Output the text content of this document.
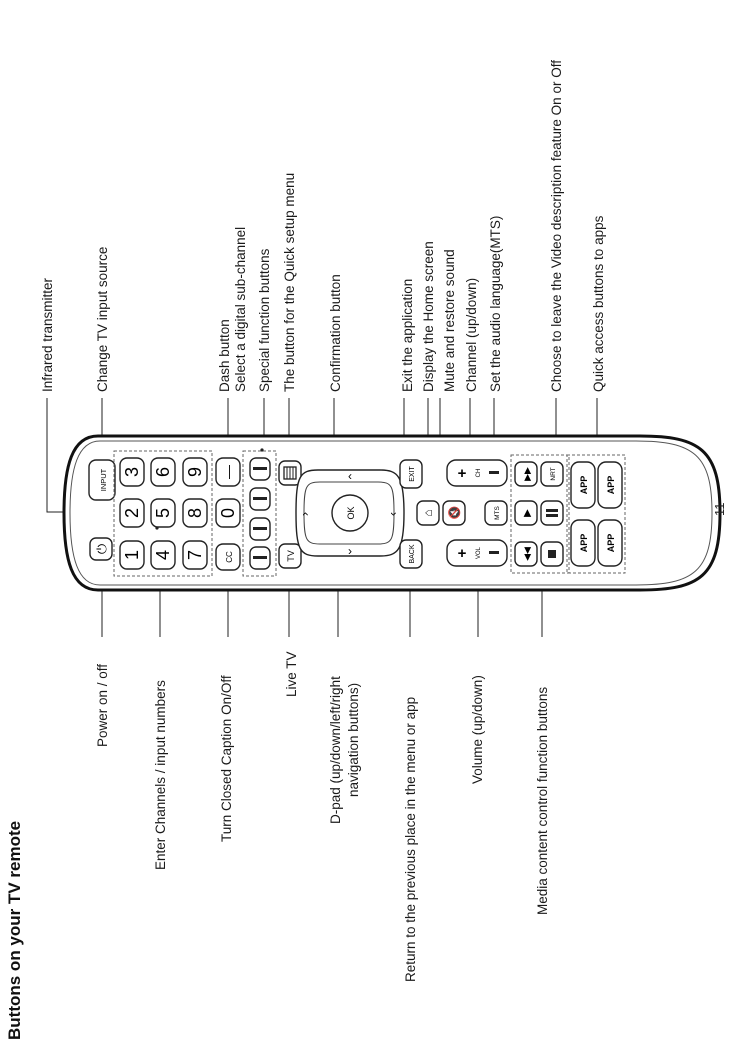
Buttons on your TV remote
Power on / off	Enter Channels / input numbers	Turn Closed Caption On/Off
Live TV
D-pad (up/down/left/right navigation buttons)	Return to the previous place in the menu or app	Volume (up/down)	Media content control function buttons
Infrared transmitter	Change TV input source	Dash button Select a digital sub-channel Special function buttons The button for the Quick setup menu Confirmation button	Exit the application Display the Home screen Mute and restore sound Channel (up/down) Set the audio language(MTS)	Choose to leave the Video description feature On or Off Quick access buttons to apps
⏻
INPUT
1
2
3
4
5
6
7
8
9
CC
0
—
TV
‹
›
‹	›
OK
BACK
⌂
EXIT
🔇
+ VOL
+ CH
MTS
◀◀
▶
▶▶	NRT
APP
APP
APP
APP
11
